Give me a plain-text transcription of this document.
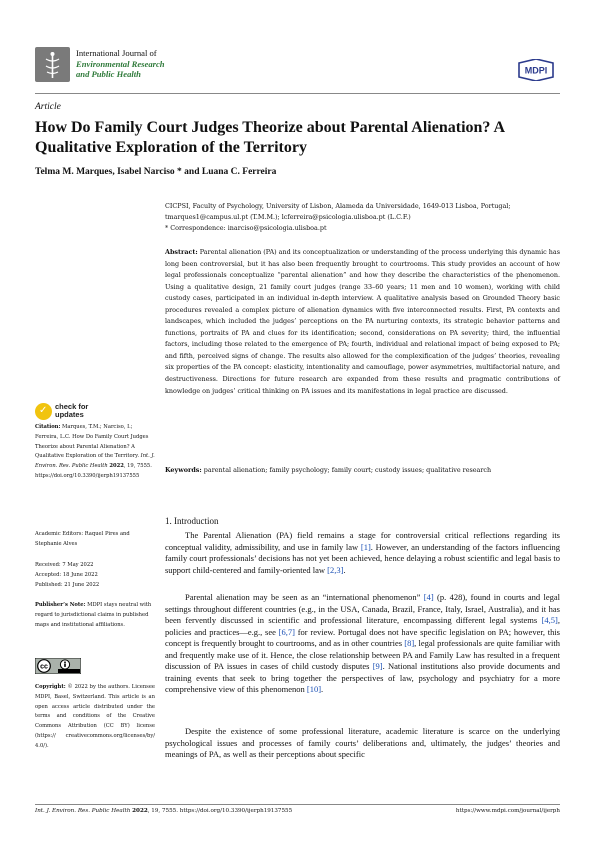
International Journal of
Environmental Research
and Public Health	MDPI
Article
How Do Family Court Judges Theorize about Parental Alienation? A Qualitative Exploration of the Territory
Telma M. Marques, Isabel Narciso * and Luana C. Ferreira
CICPSI, Faculty of Psychology, University of Lisbon, Alameda da Universidade, 1649-013 Lisboa, Portugal;
tmarques1@campus.ul.pt (T.M.M.); lcferreira@psicologia.ulisboa.pt (L.C.F.)
* Correspondence: inarciso@psicologia.ulisboa.pt
Abstract: Parental alienation (PA) and its conceptualization or understanding of the process underlying this dynamic has long been controversial, but it has also been frequently brought to courtrooms. This study provides an account of how legal professionals conceptualize “parental alienation” and how they describe the characteristics of the phenomenon. Using a qualitative design, 21 family court judges (range 33–60 years; 11 men and 10 women), working with child custody cases, participated in an individual in-depth interview. A qualitative analysis based on Grounded Theory basic procedures revealed a complex picture of alienation dynamics with five interconnected results. First, PA contexts and landscapes, which included the judges’ perceptions on the PA nurturing contexts, its strategic behavior patterns and functions, portraits of PA and clues for its identification; second, considerations on PA severity; third, the influential factors, including those related to the emergence of PA; fourth, individual and relational impact of being exposed to PA; and fifth, perceived signs of change. The results also allowed for the complexification of the judges’ theories, revealing six properties of the PA concept: elasticity, intentionality and camouflage, power asymmetries, multifactorial nature, and destructiveness. Directions for future research are expanded from these results and pragmatic contributions of knowledge on judges’ critical thinking on PA issues and its manifestations in legal practice are discussed.
Keywords: parental alienation; family psychology; family court; custody issues; qualitative research
✓ check for
updates
Citation: Marques, T.M.; Narciso, I.; Ferreira, L.C. How Do Family Court Judges Theorize about Parental Alienation? A Qualitative Exploration of the Territory. Int. J. Environ. Res. Public Health 2022, 19, 7555. https://doi.org/10.3390/ijerph19137555
Academic Editors: Raquel Pires and Stephanie Alves
Received: 7 May 2022
Accepted: 18 June 2022
Published: 21 June 2022
Publisher’s Note: MDPI stays neutral with regard to jurisdictional claims in published maps and institutional affiliations.
cc
Copyright: © 2022 by the authors. Licensee MDPI, Basel, Switzerland. This article is an open access article distributed under the terms and conditions of the Creative Commons Attribution (CC BY) license (https:// creativecommons.org/licenses/by/ 4.0/).
1. Introduction
The Parental Alienation (PA) field remains a stage for controversial critical reflections regarding its conceptual validity, admissibility, and use in family law [1]. However, an understanding of the factors influencing family court professionals’ decisions has not yet been achieved, hence delaying a robust scientific and legal basis to support child-centered and family-oriented law [2,3].
Parental alienation may be seen as an “international phenomenon” [4] (p. 428), found in courts and legal settings throughout different countries (e.g., in the USA, Canada, Brazil, France, Italy, Israel, Australia), and it has been fervently discussed in scientific and professional literature, encompassing different legal systems [4,5], policies and practices—e.g., see [6,7] for review. Portugal does not have specific legislation on PA; however, this concept is frequently brought to courtrooms, and as in other countries [8], legal professionals are quite familiar with and frequently make use of it. Hence, the close relationship between PA and Family Law has resulted in a frequent discussion of PA issues in cases of child custody disputes [9]. National institutions also provide documents and training events that seek to bring together the perspectives of law, psychology and psychiatry for a more comprehensive view of this phenomenon [10].
Despite the existence of some professional literature, academic literature is scarce on the underlying psychological issues and processes of family courts’ deliberations and, ultimately, the judges’ theories and meanings of PA, as well as their perceptions about specific
Int. J. Environ. Res. Public Health 2022, 19, 7555. https://doi.org/10.3390/ijerph19137555	https://www.mdpi.com/journal/ijerph
